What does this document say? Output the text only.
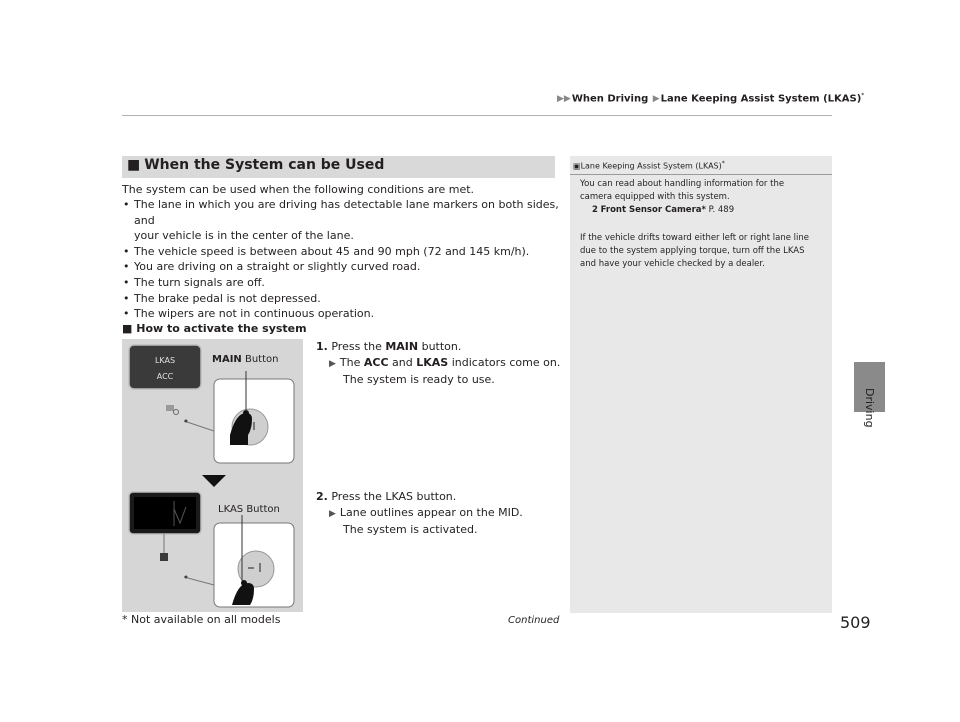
▶▶When Driving ▶Lane Keeping Assist System (LKAS)*
Driving
■ When the System can be Used
The system can be used when the following conditions are met.
• The lane in which you are driving has detectable lane markers on both sides, and
your vehicle is in the center of the lane.
• The vehicle speed is between about 45 and 90 mph (72 and 145 km/h).
• You are driving on a straight or slightly curved road.
• The turn signals are off.
• The brake pedal is not depressed.
• The wipers are not in continuous operation.
■ How to activate the system
LKAS
ACC
MAIN Button
LKAS Button
1. Press the MAIN button.
▶ The ACC and LKAS indicators come on.
The system is ready to use.
2. Press the LKAS button.
▶ Lane outlines appear on the MID.
The system is activated.
▣Lane Keeping Assist System (LKAS)*
You can read about handling information for the
camera equipped with this system.
2 Front Sensor Camera* P. 489
If the vehicle drifts toward either left or right lane line
due to the system applying torque, turn off the LKAS
and have your vehicle checked by a dealer.
* Not available on all models	Continued	509
